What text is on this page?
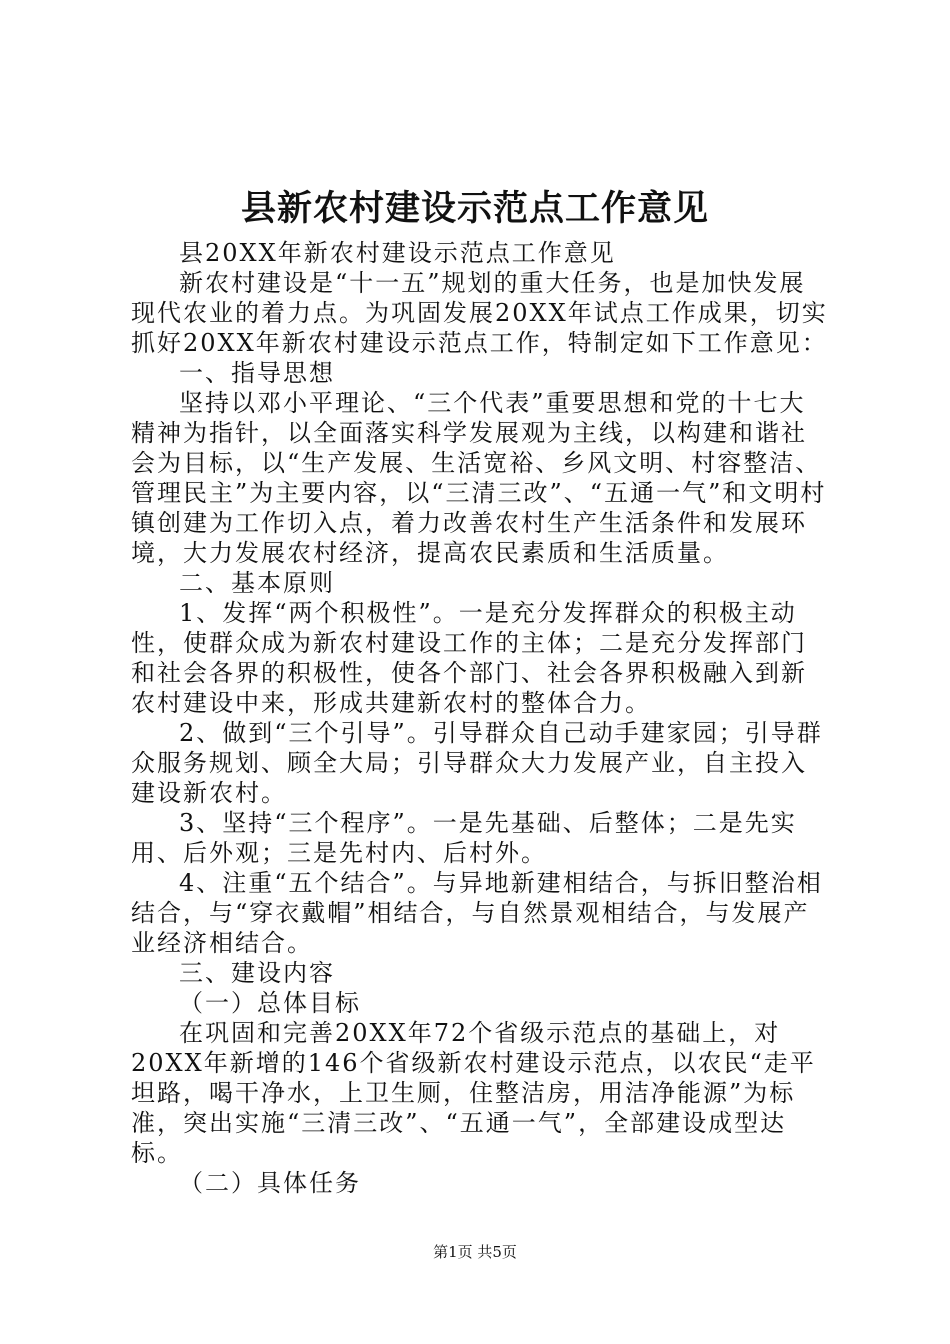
县新农村建设示范点工作意见

县20XX年新农村建设示范点工作意见

新农村建设是“十一五”规划的重大任务，也是加快发展现代农业的着力点。为巩固发展20XX年试点工作成果，切实抓好20XX年新农村建设示范点工作，特制定如下工作意见：

一、指导思想

坚持以邓小平理论、“三个代表”重要思想和党的十七大精神为指针，以全面落实科学发展观为主线，以构建和谐社会为目标，以“生产发展、生活宽裕、乡风文明、村容整洁、管理民主”为主要内容，以“三清三改”、“五通一气”和文明村镇创建为工作切入点，着力改善农村生产生活条件和发展环境，大力发展农村经济，提高农民素质和生活质量。

二、基本原则

1、发挥“两个积极性”。一是充分发挥群众的积极主动性，使群众成为新农村建设工作的主体；二是充分发挥部门和社会各界的积极性，使各个部门、社会各界积极融入到新农村建设中来，形成共建新农村的整体合力。

2、做到“三个引导”。引导群众自己动手建家园；引导群众服务规划、顾全大局；引导群众大力发展产业，自主投入建设新农村。

3、坚持“三个程序”。一是先基础、后整体；二是先实用、后外观；三是先村内、后村外。

4、注重“五个结合”。与异地新建相结合，与拆旧整治相结合，与“穿衣戴帽”相结合，与自然景观相结合，与发展产业经济相结合。

三、建设内容

（一）总体目标

在巩固和完善20XX年72个省级示范点的基础上，对20XX年新增的146个省级新农村建设示范点，以农民“走平坦路，喝干净水，上卫生厕，住整洁房，用洁净能源”为标准，突出实施“三清三改”、“五通一气”，全部建设成型达标。

（二）具体任务

第1页 共5页
